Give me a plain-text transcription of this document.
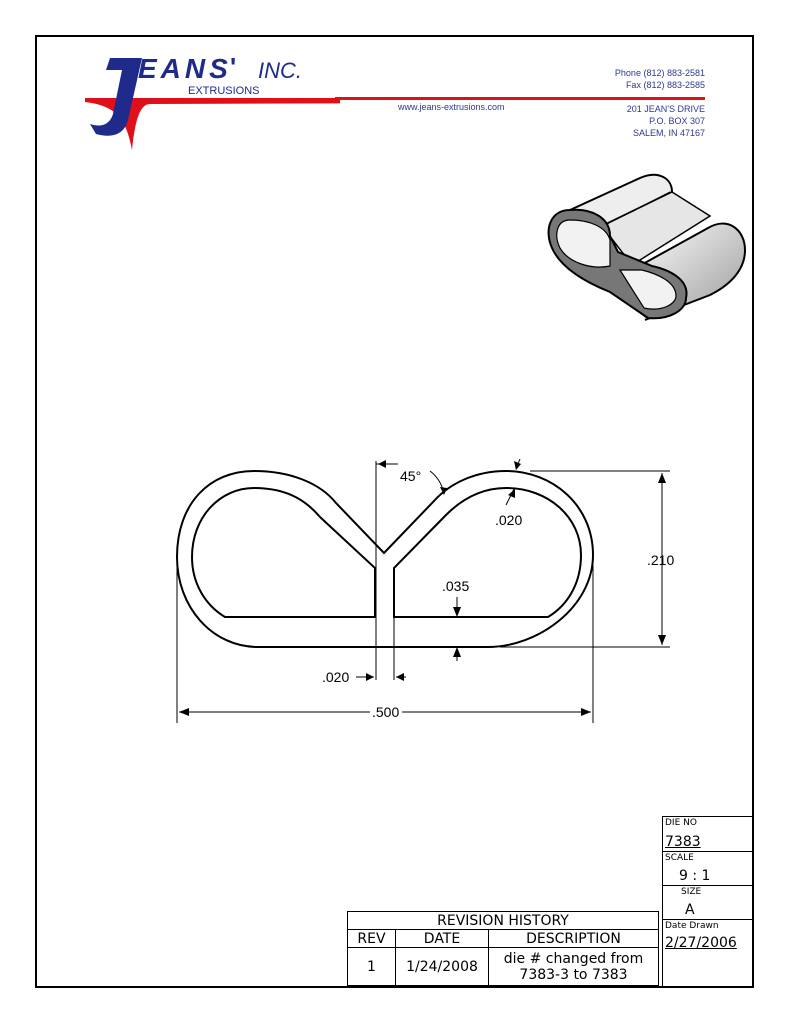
EANS
' INC.
EXTRUSIONS
Phone (812) 883-2581
Fax (812) 883-2585
www.jeans-extrusions.com	201 JEAN'S DRIVE
P.O. BOX 307
SALEM, IN 47167
45°
.020
.210
.035
.020
.500
REVISION HISTORY		
REV	DATE	DESCRIPTION
1	1/24/2008	die # changed from
7383-3 to 7383
DIE NO
7383
SCALE
9 : 1
SIZE
A
Date Drawn
2/27/2006
